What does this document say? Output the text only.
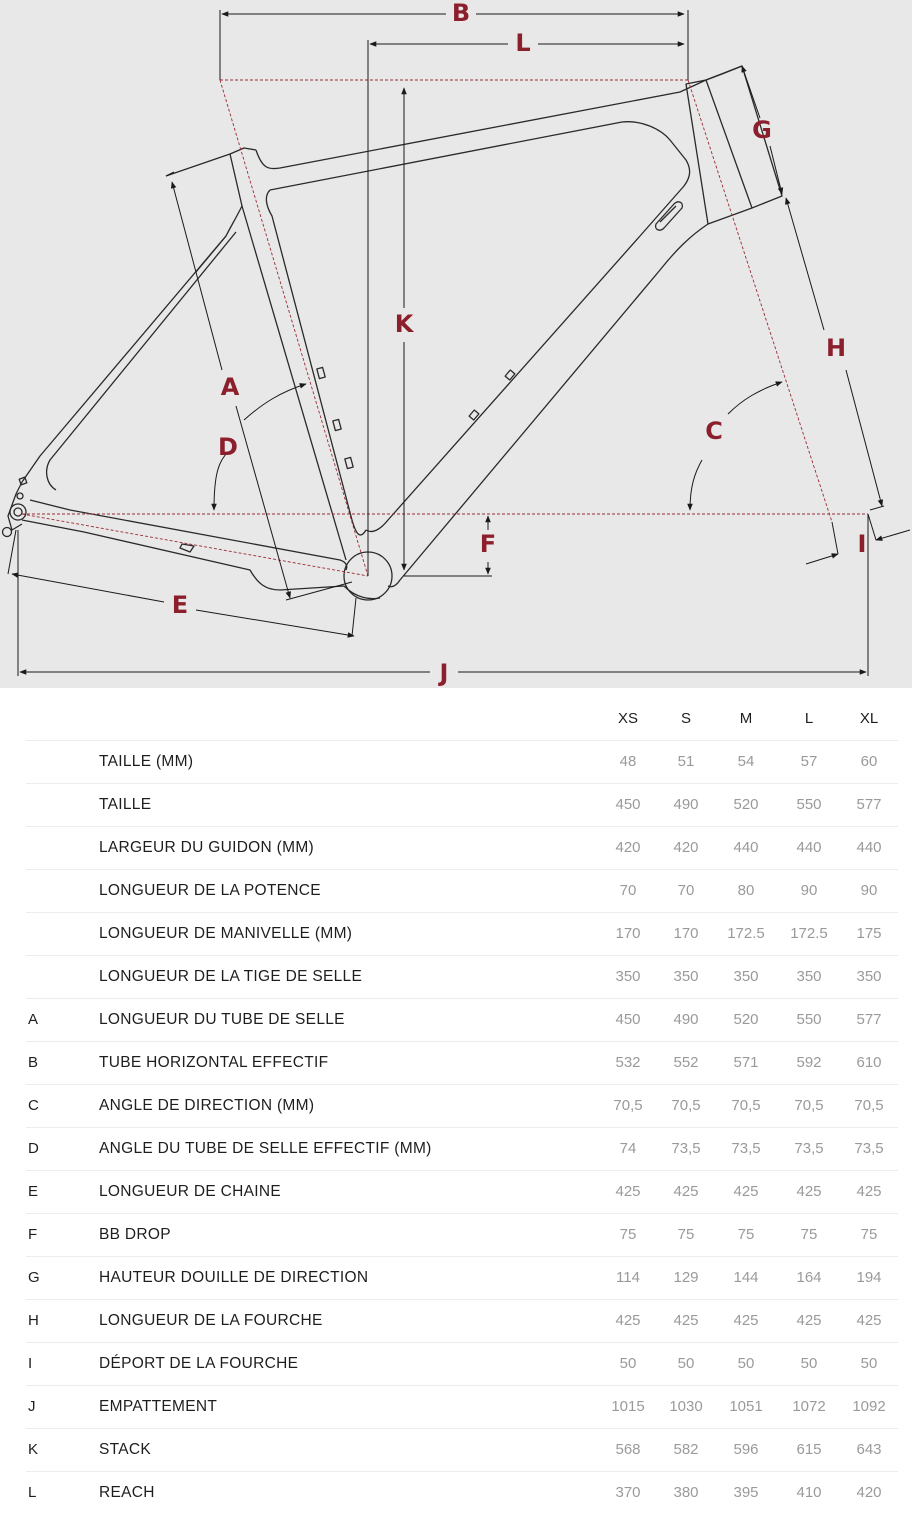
B
L
K
A
D
G
H
C
F	I
E
J
XS	S	M	L	XL
TAILLE (MM)	48	51	54	57	60
TAILLE	450	490	520	550	577
LARGEUR DU GUIDON (MM)	420	420	440	440	440
LONGUEUR DE LA POTENCE	70	70	80	90	90
LONGUEUR DE MANIVELLE (MM)	170	170	172.5	172.5	175
LONGUEUR DE LA TIGE DE SELLE	350	350	350	350	350
A	LONGUEUR DU TUBE DE SELLE	450	490	520	550	577
B	TUBE HORIZONTAL EFFECTIF	532	552	571	592	610
C	ANGLE DE DIRECTION (MM)	70,5	70,5	70,5	70,5	70,5
D	ANGLE DU TUBE DE SELLE EFFECTIF (MM)	74	73,5	73,5	73,5	73,5
E	LONGUEUR DE CHAINE	425	425	425	425	425
F	BB DROP	75	75	75	75	75
G	HAUTEUR DOUILLE DE DIRECTION	114	129	144	164	194
H	LONGUEUR DE LA FOURCHE	425	425	425	425	425
I	DÉPORT DE LA FOURCHE	50	50	50	50	50
J	EMPATTEMENT	1015	1030	1051	1072	1092
K	STACK	568	582	596	615	643
L	REACH	370	380	395	410	420
